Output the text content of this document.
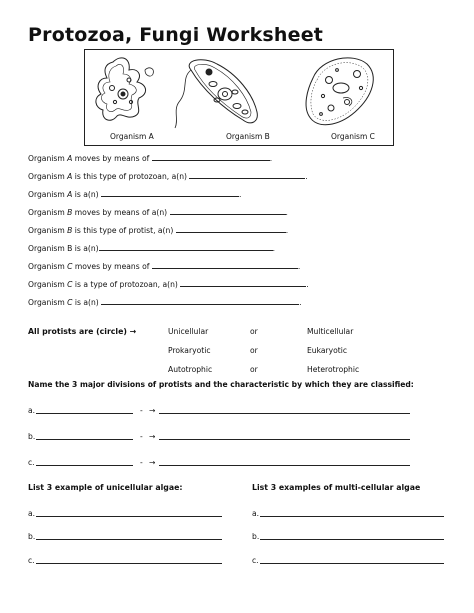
Protozoa, Fungi Worksheet
Organism A	Organism B	Organism C
Organism A moves by means of	.
Organism A is this type of protozoan, a(n)	.
Organism A is a(n)	.
Organism B moves by means of a(n)	.
Organism B is this type of protist, a(n)	.
Organism B is a(n)	.
Organism C moves by means of	.
Organism C is a type of protozoan, a(n)	.
Organism C is a(n)	.
All protists are (circle) →	Unicellular	or	Multicellular
Prokaryotic	or	Eukaryotic
Autotrophic	or	Heterotrophic
Name the 3 major divisions of protists and the characteristic by which they are classified:
a.	- →
b.	- →
c.	- →
List 3 example of unicellular algae:	List 3 examples of multi-cellular algae
a.	a.
b.	b.
c.	c.
